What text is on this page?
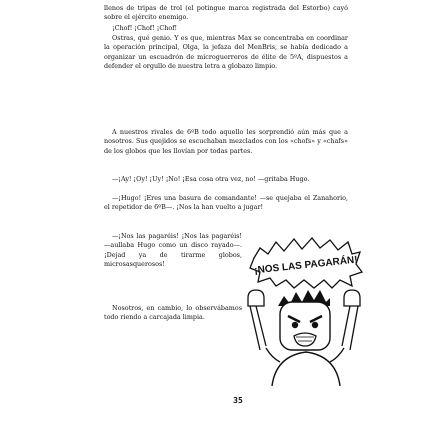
llenos de tripas de trol (el potingue marca registrada del Estorbo) cayó sobre el ejército enemigo.

¡Chof! ¡Chof! ¡Chof!

Ostras, qué genio. Y es que, mientras Max se concentraba en coordinar la operación principal, Olga, la jefaza del MenBris, se había dedicado a organizar un escuadrón de microguerreros de élite de 5ºA, dispuestos a defender el orgullo de nuestra letra a globazo limpio.

A nuestros rivales de 6ºB todo aquello les sorprendió aún más que a nosotros. Sus quejidos se escuchaban mezclados con los «chofs» y «chafs» de los globos que les llovían por todas partes.

—¡Ay! ¡Oy! ¡Uy! ¡No! ¡Esa cosa otra vez, no! —gritaba Hugo.

—¡Hugo! ¡Eres una basura de comandante! —se quejaba el Zanahorio, el repetidor de 6ºB—. ¡Nos la han vuelto a jugar!

—¡Nos las pagaréis! ¡Nos las pagaréis! —aullaba Hugo como un disco rayado—. ¡Dejad ya de tirarme globos, microsasquerosos!

Nosotros, en cambio, lo observábamos todo riendo a carcajada limpia.

¡NOS LAS PAGARÁN!
35
